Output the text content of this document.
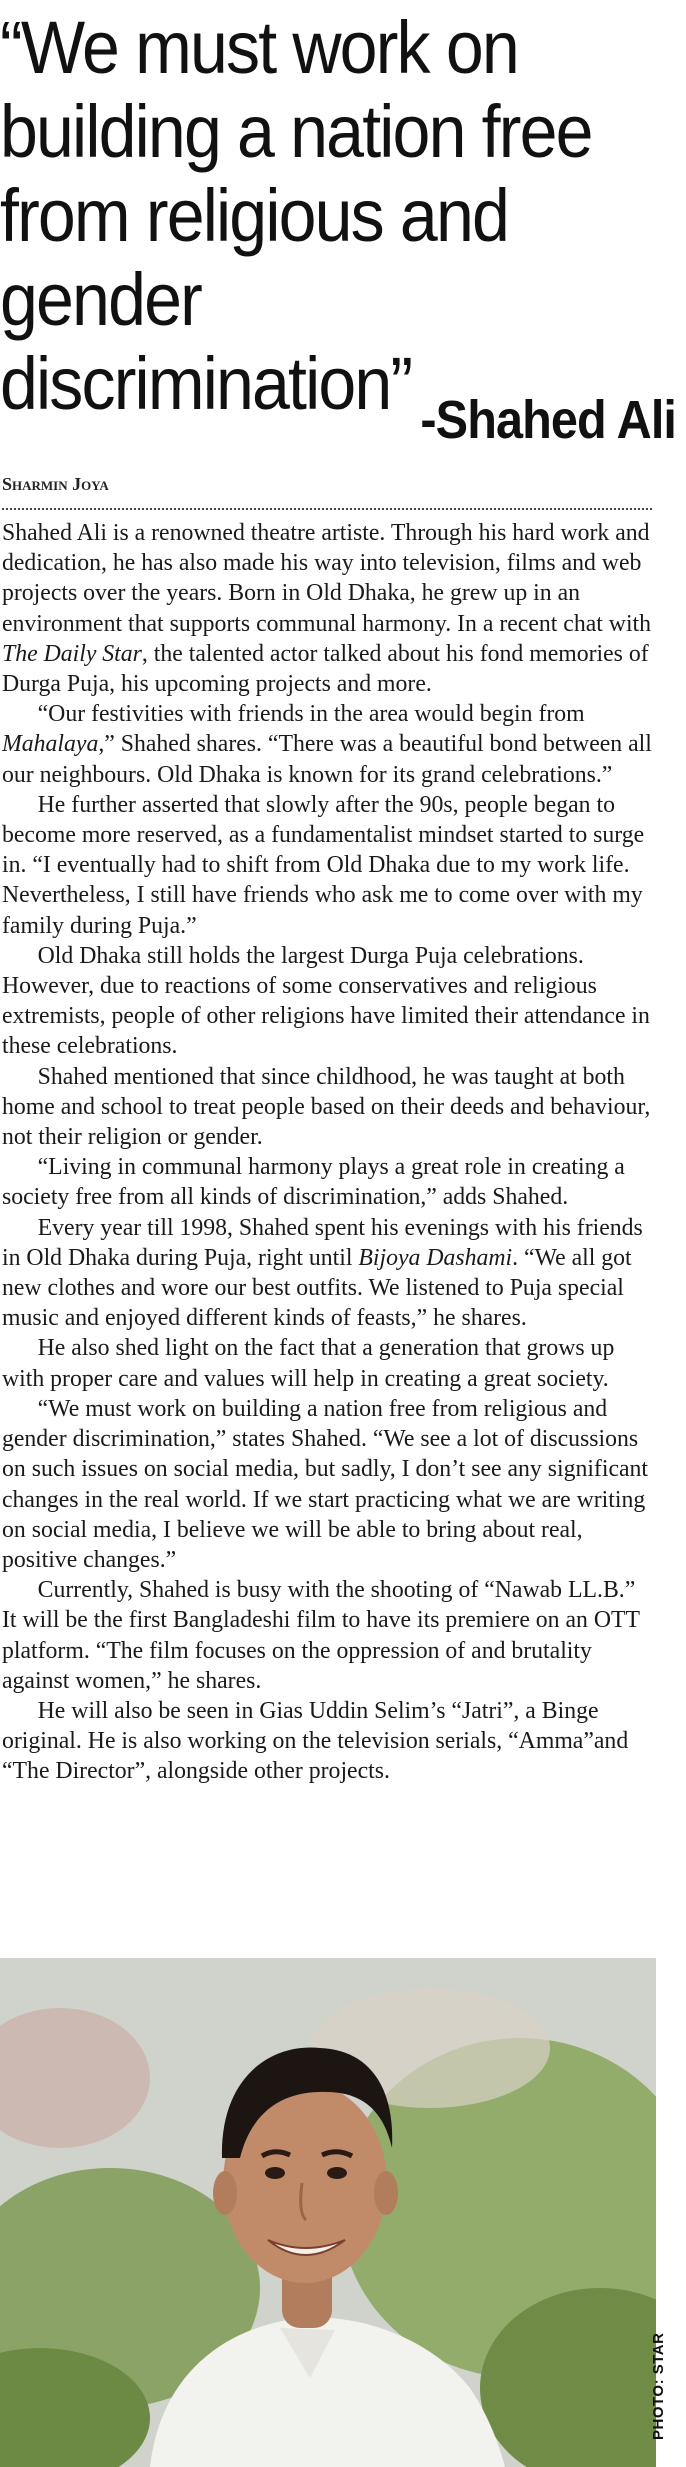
“We must work on
building a nation free
from religious and
gender discrimination” -Shahed Ali
Sharmin Joya

Shahed Ali is a renowned theatre artiste. Through his hard work and dedication, he has also made his way into television, films and web projects over the years. Born in Old Dhaka, he grew up in an environment that supports communal harmony. In a recent chat with The Daily Star, the talented actor talked about his fond memories of Durga Puja, his upcoming projects and more.

“Our festivities with friends in the area would begin from Mahalaya,” Shahed shares. “There was a beautiful bond between all our neighbours. Old Dhaka is known for its grand celebrations.”

He further asserted that slowly after the 90s, people began to become more reserved, as a fundamentalist mindset started to surge in. “I eventually had to shift from Old Dhaka due to my work life. Nevertheless, I still have friends who ask me to come over with my family during Puja.”

Old Dhaka still holds the largest Durga Puja celebrations. However, due to reactions of some conservatives and religious extremists, people of other religions have limited their attendance in these celebrations.

Shahed mentioned that since childhood, he was taught at both home and school to treat people based on their deeds and behaviour, not their religion or gender.

“Living in communal harmony plays a great role in creating a society free from all kinds of discrimination,” adds Shahed.

Every year till 1998, Shahed spent his evenings with his friends in Old Dhaka during Puja, right until Bijoya Dashami. “We all got new clothes and wore our best outfits. We listened to Puja special music and enjoyed different kinds of feasts,” he shares.

He also shed light on the fact that a generation that grows up with proper care and values will help in creating a great society.

“We must work on building a nation free from religious and gender discrimination,” states Shahed. “We see a lot of discussions on such issues on social media, but sadly, I don’t see any significant changes in the real world. If we start practicing what we are writing on social media, I believe we will be able to bring about real, positive changes.”

Currently, Shahed is busy with the shooting of “Nawab LL.B.” It will be the first Bangladeshi film to have its premiere on an OTT platform. “The film focuses on the oppression of and brutality against women,” he shares.

He will also be seen in Gias Uddin Selim’s “Jatri”, a Binge original. He is also working on the television serials, “Amma”and “The Director”, alongside other projects.

PHOTO: STAR
